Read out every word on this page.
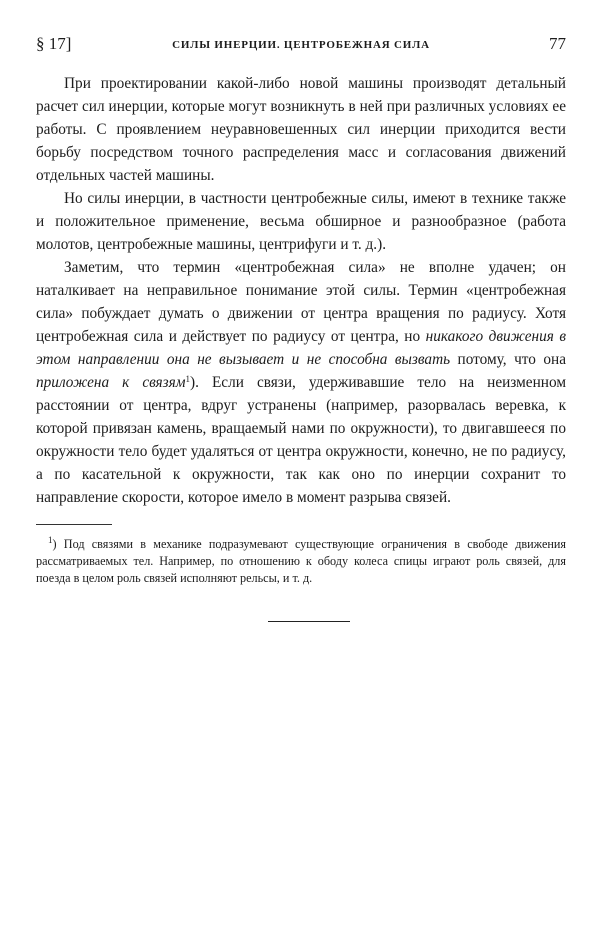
§ 17]	СИЛЫ ИНЕРЦИИ. ЦЕНТРОБЕЖНАЯ СИЛА	77

При проектировании какой-либо новой машины производят детальный расчет сил инерции, которые могут возникнуть в ней при различных условиях ее работы. С проявлением неуравновешенных сил инерции приходится вести борьбу посредством точного распределения масс и согласования движений отдельных частей машины.

Но силы инерции, в частности центробежные силы, имеют в технике также и положительное применение, весьма обширное и разнообразное (работа молотов, центробежные машины, центрифуги и т. д.).

Заметим, что термин «центробежная сила» не вполне удачен; он наталкивает на неправильное понимание этой силы. Термин «центробежная сила» побуждает думать о движении от центра вращения по радиусу. Хотя центробежная сила и действует по радиусу от центра, но никакого движения в этом направлении она не вызывает и не способна вызвать потому, что она приложена к связям$^1$). Если связи, удерживавшие тело на неизменном расстоянии от центра, вдруг устранены (например, разорвалась веревка, к которой привязан камень, вращаемый нами по окружности), то двигавшееся по окружности тело будет удаляться от центра окружности, конечно, не по радиусу, а по касательной к окружности, так как оно по инерции сохранит то направление скорости, которое имело в момент разрыва связей.

$^1$) Под связями в механике подразумевают существующие ограничения в свободе движения рассматриваемых тел. Например, по отношению к ободу колеса спицы играют роль связей, для поезда в целом роль связей исполняют рельсы, и т. д.
